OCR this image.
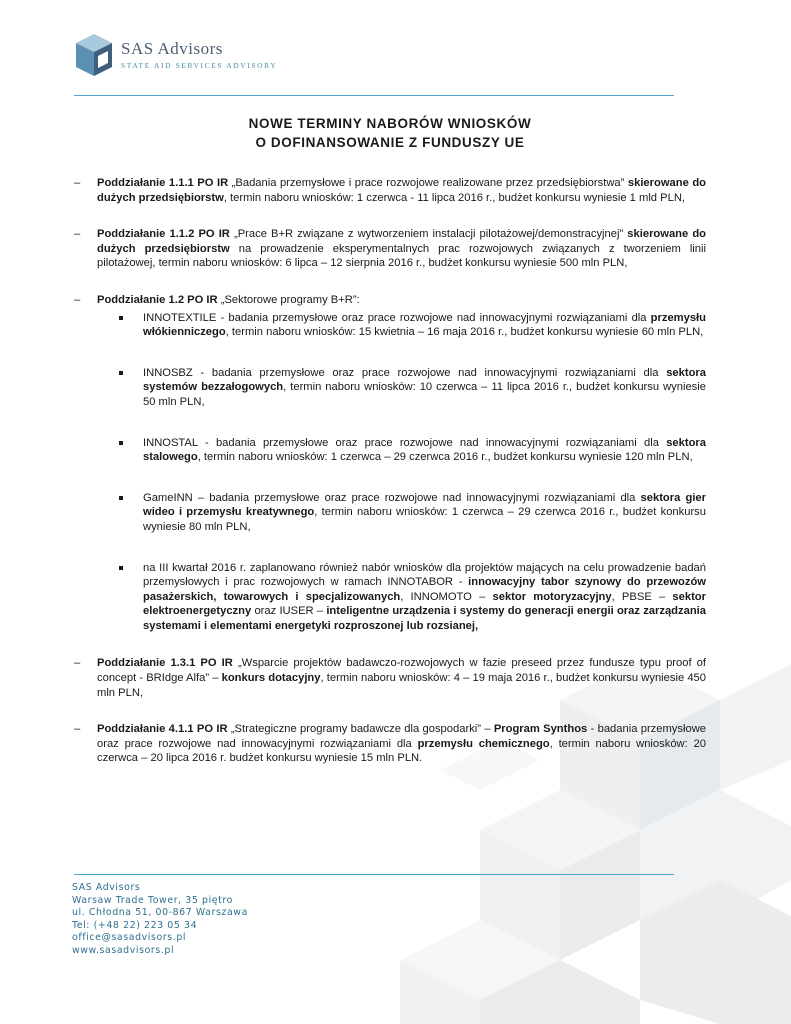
SAS Advisors
STATE AID SERVICES ADVISORY
NOWE TERMINY NABORÓW WNIOSKÓW
O DOFINANSOWANIE Z FUNDUSZY UE
– Poddziałanie 1.1.1 PO IR „Badania przemysłowe i prace rozwojowe realizowane przez przedsiębiorstwa” skierowane do dużych przedsiębiorstw, termin naboru wniosków: 1 czerwca - 11 lipca 2016 r., budżet konkursu wyniesie 1 mld PLN,

– Poddziałanie 1.1.2 PO IR „Prace B+R związane z wytworzeniem instalacji pilotażowej/demonstracyjnej” skierowane do dużych przedsiębiorstw na prowadzenie eksperymentalnych prac rozwojowych związanych z tworzeniem linii pilotażowej, termin naboru wniosków: 6 lipca – 12 sierpnia 2016 r., budżet konkursu wyniesie 500 mln PLN,

– Poddziałanie 1.2 PO IR „Sektorowe programy B+R”:

INNOTEXTILE - badania przemysłowe oraz prace rozwojowe nad innowacyjnymi rozwiązaniami dla przemysłu włókienniczego, termin naboru wniosków: 15 kwietnia – 16 maja 2016 r., budżet konkursu wyniesie 60 mln PLN,

INNOSBZ - badania przemysłowe oraz prace rozwojowe nad innowacyjnymi rozwiązaniami dla sektora systemów bezzałogowych, termin naboru wniosków: 10 czerwca – 11 lipca 2016 r., budżet konkursu wyniesie 50 mln PLN,

INNOSTAL - badania przemysłowe oraz prace rozwojowe nad innowacyjnymi rozwiązaniami dla sektora stalowego, termin naboru wniosków: 1 czerwca – 29 czerwca 2016 r., budżet konkursu wyniesie 120 mln PLN,

GameINN – badania przemysłowe oraz prace rozwojowe nad innowacyjnymi rozwiązaniami dla sektora gier wideo i przemysłu kreatywnego, termin naboru wniosków: 1 czerwca – 29 czerwca 2016 r., budżet konkursu wyniesie 80 mln PLN,

na III kwartał 2016 r. zaplanowano również nabór wniosków dla projektów mających na celu prowadzenie badań przemysłowych i prac rozwojowych w ramach INNOTABOR - innowacyjny tabor szynowy do przewozów pasażerskich, towarowych i specjalizowanych, INNOMOTO – sektor motoryzacyjny, PBSE – sektor elektroenergetyczny oraz IUSER – inteligentne urządzenia i systemy do generacji energii oraz zarządzania systemami i elementami energetyki rozproszonej lub rozsianej,

– Poddziałanie 1.3.1 PO IR „Wsparcie projektów badawczo-rozwojowych w fazie preseed przez fundusze typu proof of concept - BRIdge Alfa” – konkurs dotacyjny, termin naboru wniosków: 4 – 19 maja 2016 r., budżet konkursu wyniesie 450 mln PLN,

– Poddziałanie 4.1.1 PO IR „Strategiczne programy badawcze dla gospodarki” – Program Synthos - badania przemysłowe oraz prace rozwojowe nad innowacyjnymi rozwiązaniami dla przemysłu chemicznego, termin naboru wniosków: 20 czerwca – 20 lipca 2016 r. budżet konkursu wyniesie 15 mln PLN.

SAS Advisors
Warsaw Trade Tower, 35 piętro
ul. Chłodna 51, 00-867 Warszawa
Tel: (+48 22) 223 05 34
office@sasadvisors.pl
www.sasadvisors.pl
